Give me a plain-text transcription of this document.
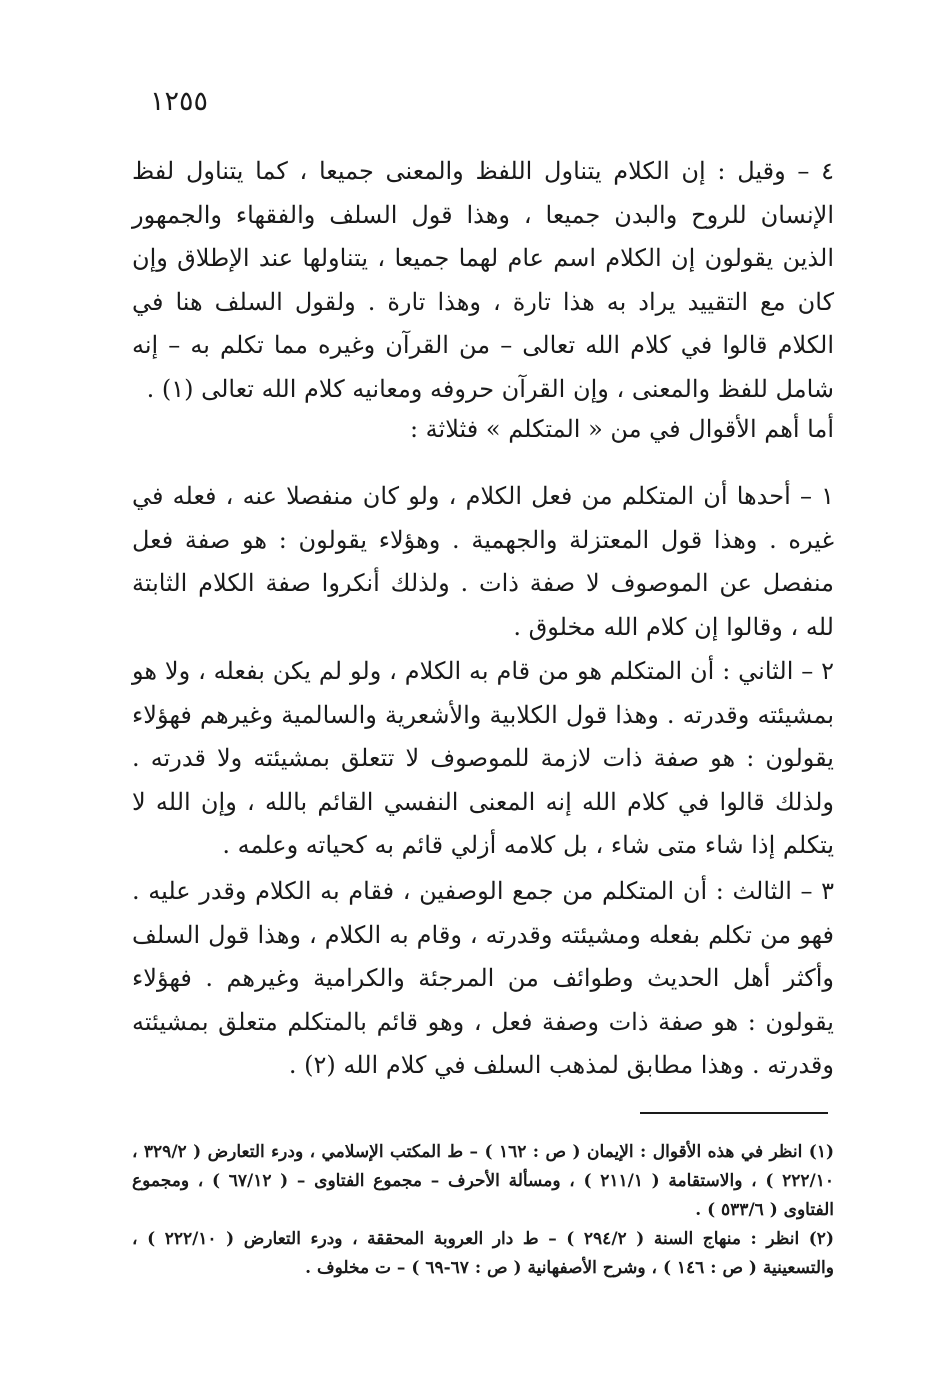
١٢٥٥

٤ – وقيل : إن الكلام يتناول اللفظ والمعنى جميعا ، كما يتناول لفظ الإنسان للروح والبدن جميعا ، وهذا قول السلف والفقهاء والجمهور الذين يقولون إن الكلام اسم عام لهما جميعا ، يتناولها عند الإطلاق وإن كان مع التقييد يراد به هذا تارة ، وهذا تارة . ولقول السلف هنا في الكلام قالوا في كلام الله تعالى – من القرآن وغيره مما تكلم به – إنه شامل للفظ والمعنى ، وإن القرآن حروفه ومعانيه كلام الله تعالى (١) .

أما أهم الأقوال في من « المتكلم » فثلاثة :

١ – أحدها أن المتكلم من فعل الكلام ، ولو كان منفصلا عنه ، فعله في غيره . وهذا قول المعتزلة والجهمية . وهؤلاء يقولون : هو صفة فعل منفصل عن الموصوف لا صفة ذات . ولذلك أنكروا صفة الكلام الثابتة لله ، وقالوا إن كلام الله مخلوق .

٢ – الثاني : أن المتكلم هو من قام به الكلام ، ولو لم يكن بفعله ، ولا هو بمشيئته وقدرته . وهذا قول الكلابية والأشعرية والسالمية وغيرهم فهؤلاء يقولون : هو صفة ذات لازمة للموصوف لا تتعلق بمشيئته ولا قدرته . ولذلك قالوا في كلام الله إنه المعنى النفسي القائم بالله ، وإن الله لا يتكلم إذا شاء متى شاء ، بل كلامه أزلي قائم به كحياته وعلمه .

٣ – الثالث : أن المتكلم من جمع الوصفين ، فقام به الكلام وقدر عليه . فهو من تكلم بفعله ومشيئته وقدرته ، وقام به الكلام ، وهذا قول السلف وأكثر أهل الحديث وطوائف من المرجئة والكرامية وغيرهم . فهؤلاء يقولون : هو صفة ذات وصفة فعل ، وهو قائم بالمتكلم متعلق بمشيئته وقدرته . وهذا مطابق لمذهب السلف في كلام الله (٢) .

(١) انظر في هذه الأقوال : الإيمان ( ص : ١٦٢ ) – ط المكتب الإسلامي ، ودرء التعارض ( ٣٢٩/٢ ، ٢٢٢/١٠ ) ، والاستقامة ( ٢١١/١ ) ، ومسألة الأحرف – مجموع الفتاوى – ( ٦٧/١٢ ) ، ومجموع الفتاوى ( ٥٣٣/٦ ) .

(٢) انظر : منهاج السنة ( ٢٩٤/٢ ) – ط دار العروبة المحققة ، ودرء التعارض ( ٢٢٢/١٠ ) ، والتسعينية ( ص : ١٤٦ ) ، وشرح الأصفهانية ( ص : ٦٧-٦٩ ) – ت مخلوف .
